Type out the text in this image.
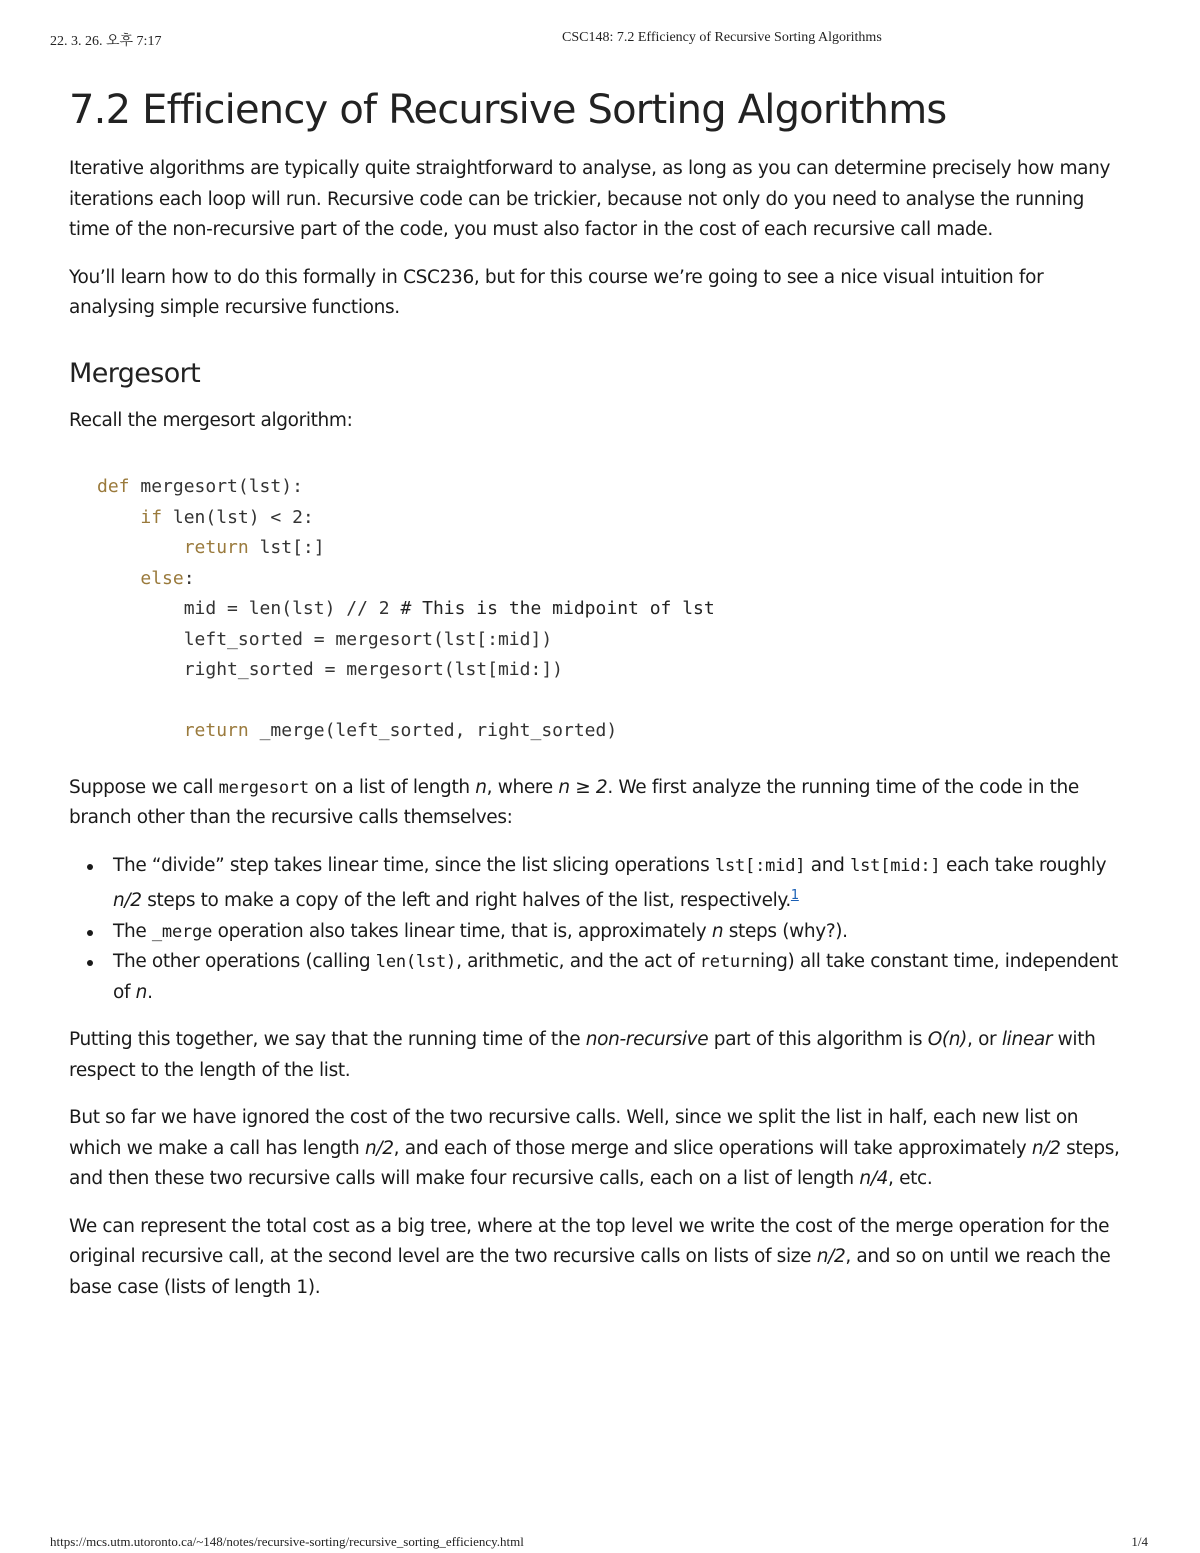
22. 3. 26. 오후 7:17	CSC148: 7.2 Efficiency of Recursive Sorting Algorithms
7.2 Efficiency of Recursive Sorting Algorithms

Iterative algorithms are typically quite straightforward to analyse, as long as you can determine precisely how many iterations each loop will run. Recursive code can be trickier, because not only do you need to analyse the running time of the non-recursive part of the code, you must also factor in the cost of each recursive call made.

You’ll learn how to do this formally in CSC236, but for this course we’re going to see a nice visual intuition for analysing simple recursive functions.

Mergesort

Recall the mergesort algorithm:

def mergesort(lst):
if len(lst) < 2:
return lst[:]
else:
mid = len(lst) // 2 # This is the midpoint of lst
left_sorted = mergesort(lst[:mid])
right_sorted = mergesort(lst[mid:])

return _merge(left_sorted, right_sorted)

Suppose we call mergesort on a list of length n, where n ≥ 2. We first analyze the running time of the code in the branch other than the recursive calls themselves:

The “divide” step takes linear time, since the list slicing operations lst[:mid] and lst[mid:] each take roughly n/2 steps to make a copy of the left and right halves of the list, respectively.$^1$
The _merge operation also takes linear time, that is, approximately n steps (why?).
The other operations (calling len(lst), arithmetic, and the act of returning) all take constant time, independent of n.

Putting this together, we say that the running time of the non-recursive part of this algorithm is O(n), or linear with respect to the length of the list.

But so far we have ignored the cost of the two recursive calls. Well, since we split the list in half, each new list on which we make a call has length n/2, and each of those merge and slice operations will take approximately n/2 steps, and then these two recursive calls will make four recursive calls, each on a list of length n/4, etc.

We can represent the total cost as a big tree, where at the top level we write the cost of the merge operation for the original recursive call, at the second level are the two recursive calls on lists of size n/2, and so on until we reach the base case (lists of length 1).

https://mcs.utm.utoronto.ca/~148/notes/recursive-sorting/recursive_sorting_efficiency.html	1/4
